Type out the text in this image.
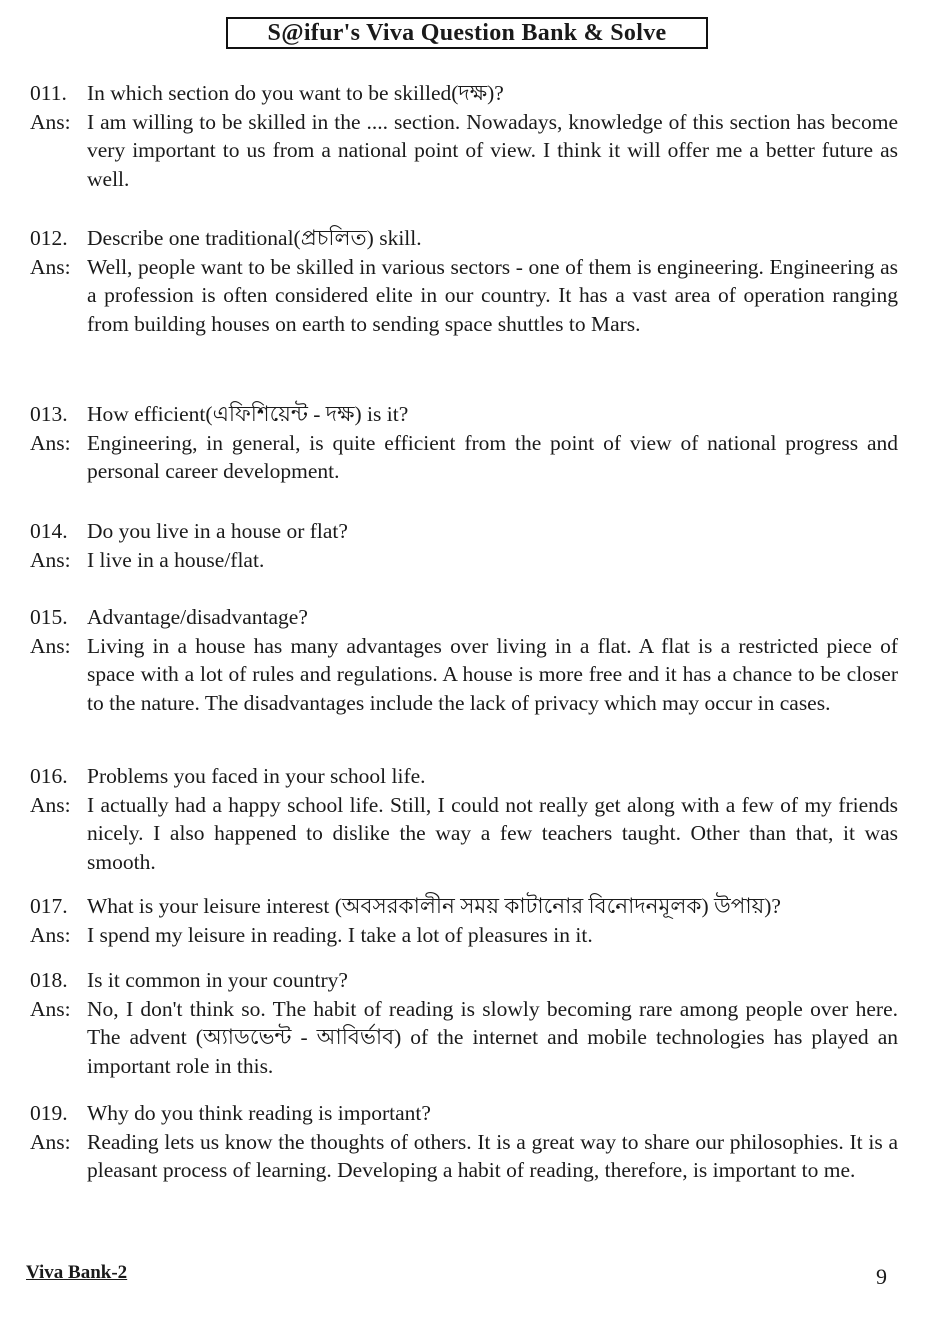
S@ifur's Viva Question Bank & Solve
011. In which section do you want to be skilled(দক্ষ)?
Ans: I am willing to be skilled in the .... section. Nowadays, knowledge of this section has become very important to us from a national point of view. I think it will offer me a better future as well.
012. Describe one traditional(প্রচলিত) skill.
Ans: Well, people want to be skilled in various sectors - one of them is engineering. Engineering as a profession is often considered elite in our country. It has a vast area of operation ranging from building houses on earth to sending space shuttles to Mars.
013. How efficient(এফিশিয়েন্ট - দক্ষ) is it?
Ans: Engineering, in general, is quite efficient from the point of view of national progress and personal career development.
014. Do you live in a house or flat?
Ans: I live in a house/flat.
015. Advantage/disadvantage?
Ans: Living in a house has many advantages over living in a flat. A flat is a restricted piece of space with a lot of rules and regulations. A house is more free and it has a chance to be closer to the nature. The disadvantages include the lack of privacy which may occur in cases.
016. Problems you faced in your school life.
Ans: I actually had a happy school life. Still, I could not really get along with a few of my friends nicely. I also happened to dislike the way a few teachers taught. Other than that, it was smooth.
017. What is your leisure interest (অবসরকালীন সময় কাটানোর বিনোদনমূলক) উপায়)?
Ans: I spend my leisure in reading. I take a lot of pleasures in it.
018. Is it common in your country?
Ans: No, I don't think so. The habit of reading is slowly becoming rare among people over here. The advent (অ্যাডভেন্ট - আবির্ভাব) of the internet and mobile technologies has played an important role in this.
019. Why do you think reading is important?
Ans: Reading lets us know the thoughts of others. It is a great way to share our philosophies. It is a pleasant process of learning. Developing a habit of reading, therefore, is important to me.
Viva Bank-2	9
